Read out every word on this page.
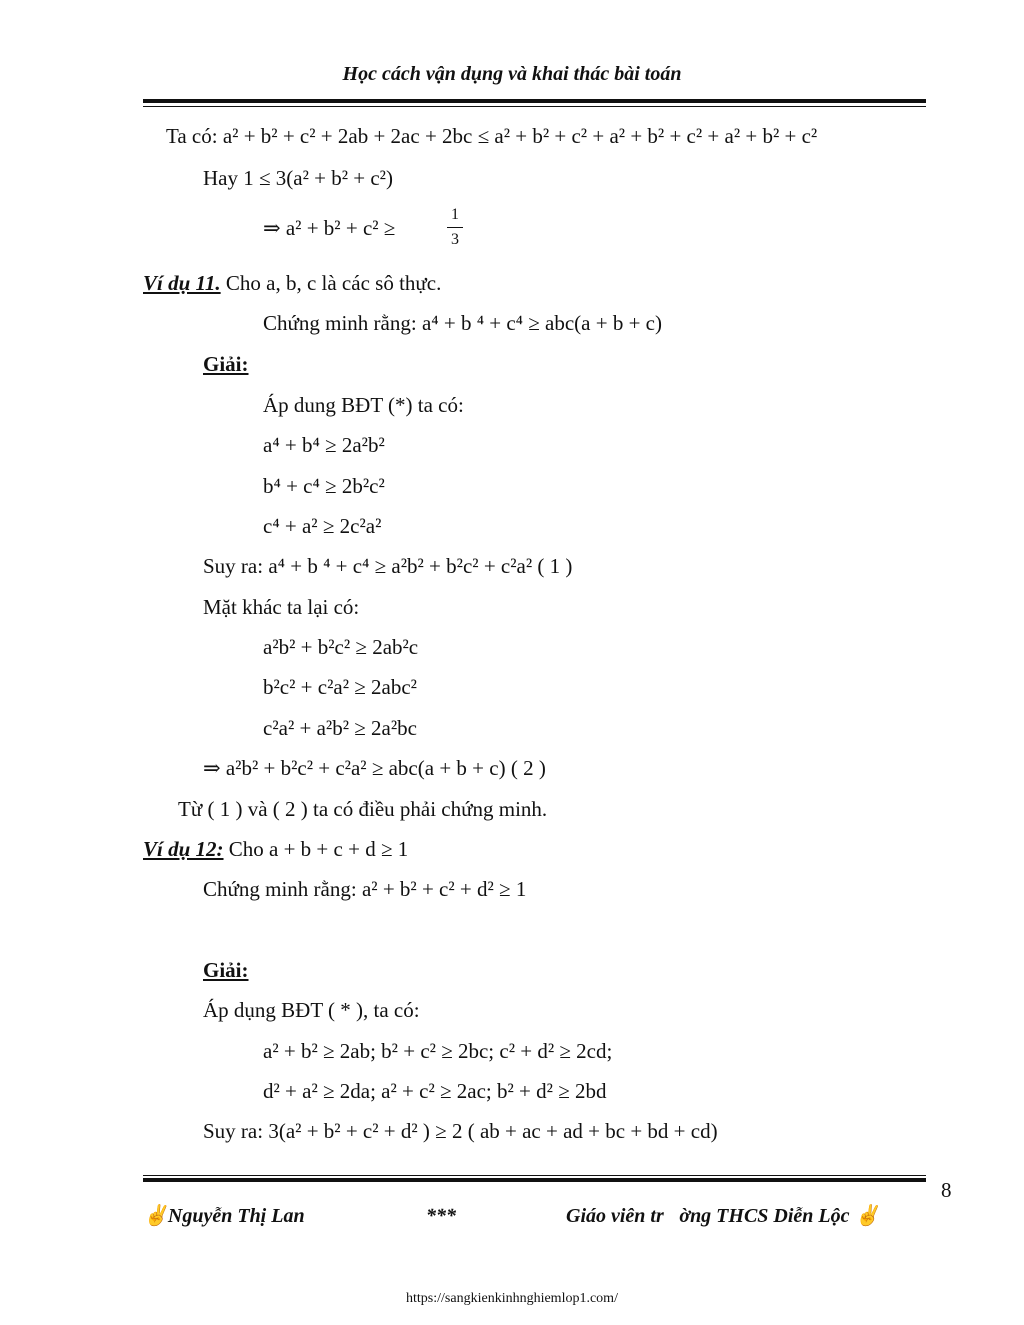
Học cách vận dụng và khai thác bài toán
Ta có: a² + b² + c² + 2ab + 2ac + 2bc ≤ a² + b² + c² + a² + b² + c² + a² + b² + c²
Hay 1 ≤ 3(a² + b² + c²)
⇒ a² + b² + c² ≥
1
3
Ví dụ 11. Cho a, b, c là các sô thực.
Chứng minh rằng: a⁴ + b ⁴ + c⁴ ≥ abc(a + b + c)
Giải:
Áp dung BĐT (*) ta có:
a⁴ + b⁴ ≥ 2a²b²
b⁴ + c⁴ ≥ 2b²c²
c⁴ + a² ≥ 2c²a²
Suy ra: a⁴ + b ⁴ + c⁴ ≥ a²b² + b²c² + c²a² ( 1 )
Mặt khác ta lại có:
a²b² + b²c² ≥ 2ab²c
b²c² + c²a² ≥ 2abc²
c²a² + a²b² ≥ 2a²bc
⇒ a²b² + b²c² + c²a² ≥ abc(a + b + c) ( 2 )
Từ ( 1 ) và ( 2 ) ta có điều phải chứng minh.
Ví dụ 12: Cho a + b + c + d ≥ 1
Chứng minh rằng: a² + b² + c² + d² ≥ 1
Giải:
Áp dụng BĐT ( * ), ta có:
a² + b² ≥ 2ab; b² + c² ≥ 2bc; c² + d² ≥ 2cd;
d² + a² ≥ 2da; a² + c² ≥ 2ac; b² + d² ≥ 2bd
Suy ra: 3(a² + b² + c² + d² ) ≥ 2 ( ab + ac + ad + bc + bd + cd)
8
✌Nguyễn Thị Lan	***	Giáo viên tr⃞ờng THCS Diễn Lộc ✌
https://sangkienkinhnghiemlop1.com/
